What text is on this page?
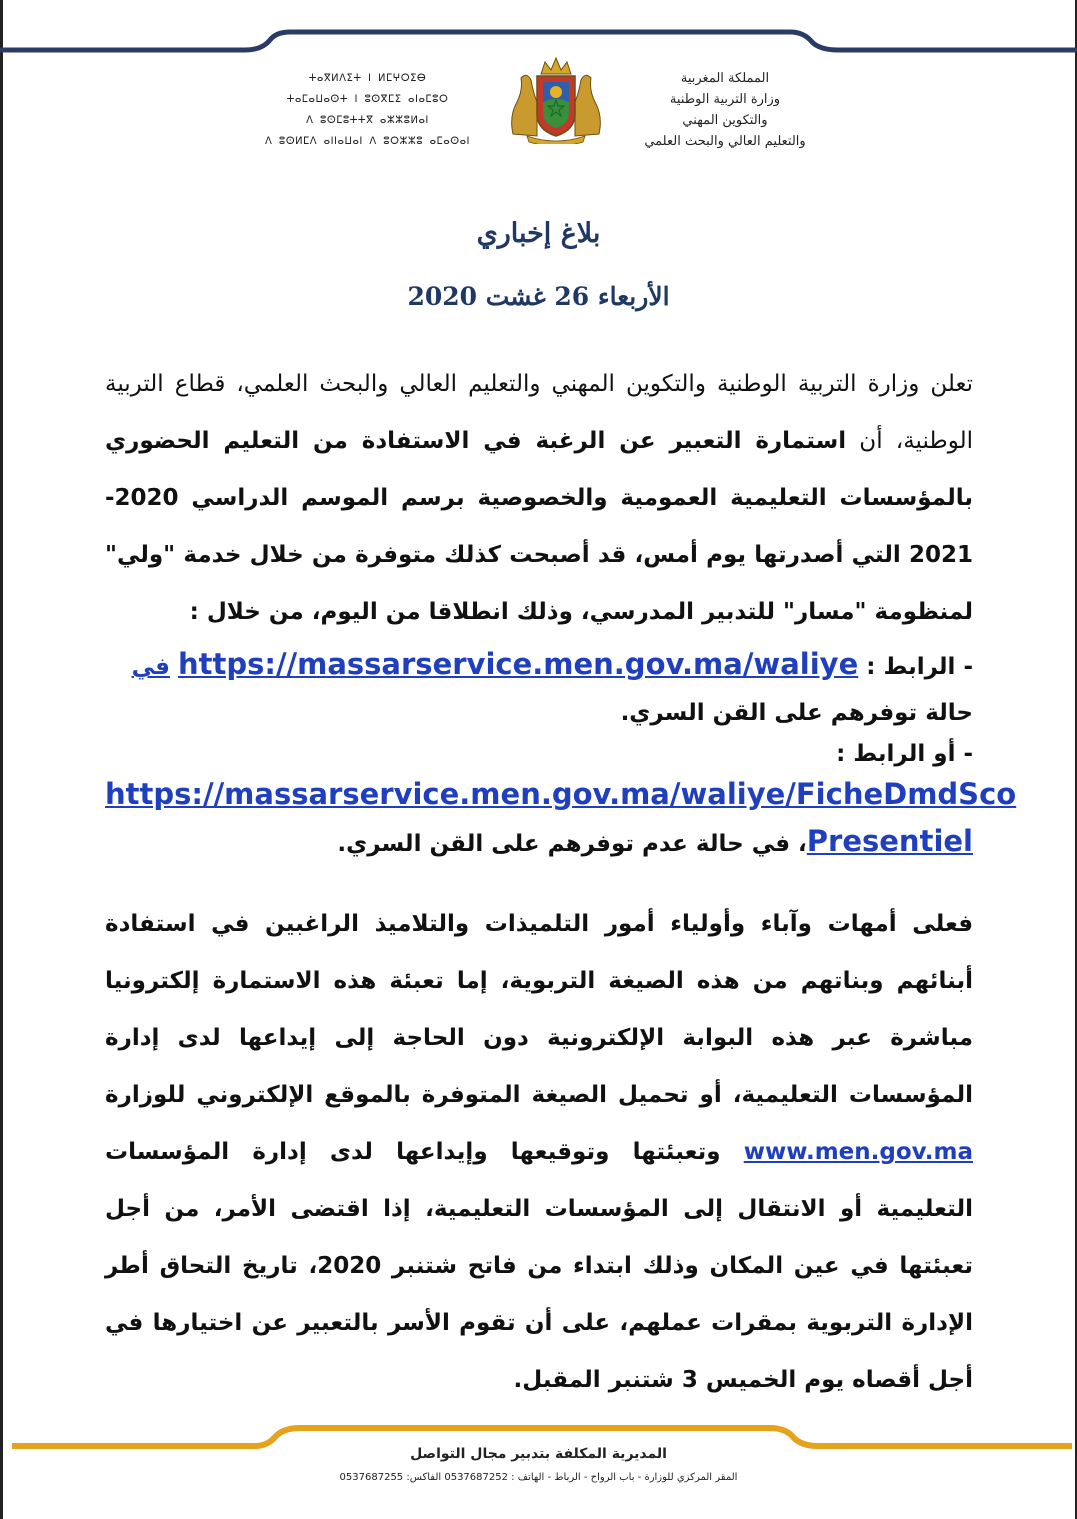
ⵜⴰⴳⵍⴷⵉⵜ ⵏ ⵍⵎⵖⵔⵉⴱ
ⵜⴰⵎⴰⵡⴰⵙⵜ ⵏ ⵓⵙⴳⵎⵉ ⴰⵏⴰⵎⵓⵔ
ⴷ ⵓⵙⵎⵓⵜⵜⴳ ⴰⵣⵣⵓⵍⴰⵏ
ⴷ ⵓⵙⵍⵎⴷ ⴰⵏⵏⴰⵡⴰⵏ ⴷ ⵓⵔⵣⵣⵓ ⴰⵎⴰⵙⴰⵏ
المملكة المغربية
وزارة التربية الوطنية
والتكوين المهني
والتعليم العالي والبحث العلمي
بلاغ إخباري
الأربعاء 26 غشت 2020
تعلن وزارة التربية الوطنية والتكوين المهني والتعليم العالي والبحث العلمي، قطاع التربية الوطنية، أن استمارة التعبير عن الرغبة في الاستفادة من التعليم الحضوري بالمؤسسات التعليمية العمومية والخصوصية برسم الموسم الدراسي 2020-2021 التي أصدرتها يوم أمس، قد أصبحت كذلك متوفرة من خلال خدمة "ولي" لمنظومة "مسار" للتدبير المدرسي، وذلك انطلاقا من اليوم، من خلال :
- الرابط : https://massarservice.men.gov.ma/waliye في حالة توفرهم على القن السري.
- أو الرابط :
https://massarservice.men.gov.ma/waliye/FicheDmdSco
Presentiel، في حالة عدم توفرهم على القن السري.
فعلى أمهات وآباء وأولياء أمور التلميذات والتلاميذ الراغبين في استفادة أبنائهم وبناتهم من هذه الصيغة التربوية، إما تعبئة هذه الاستمارة إلكترونيا مباشرة عبر هذه البوابة الإلكترونية دون الحاجة إلى إيداعها لدى إدارة المؤسسات التعليمية، أو تحميل الصيغة المتوفرة بالموقع الإلكتروني للوزارة www.men.gov.ma وتعبئتها وتوقيعها وإيداعها لدى إدارة المؤسسات التعليمية أو الانتقال إلى المؤسسات التعليمية، إذا اقتضى الأمر، من أجل تعبئتها في عين المكان وذلك ابتداء من فاتح شتنبر 2020، تاريخ التحاق أطر الإدارة التربوية بمقرات عملهم، على أن تقوم الأسر بالتعبير عن اختيارها في أجل أقصاه يوم الخميس 3 شتنبر المقبل.
المديرية المكلفة بتدبير مجال التواصل
المقر المركزي للوزارة - باب الرواح - الرباط - الهاتف : 0537687252 الفاكس: 0537687255
